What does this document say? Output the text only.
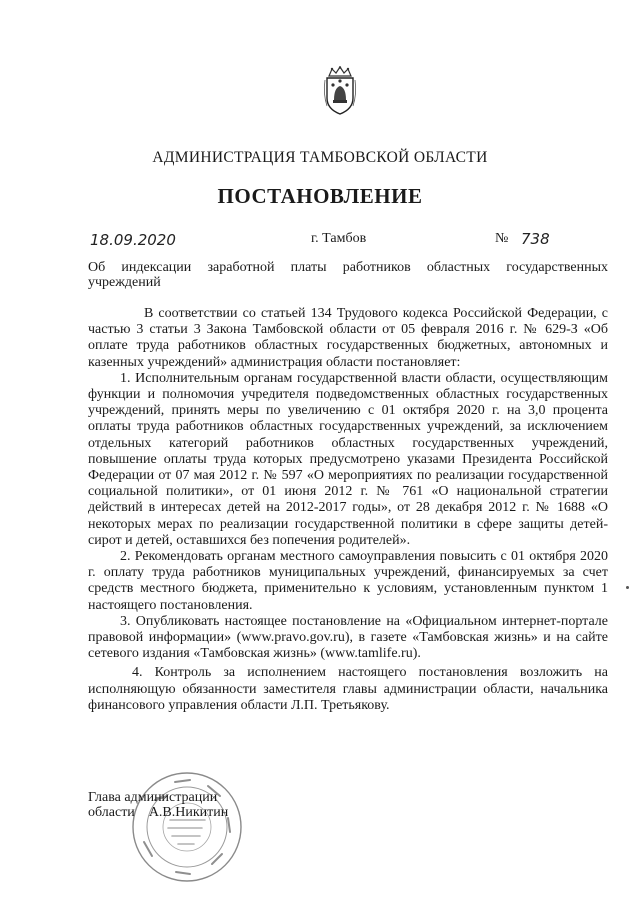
АДМИНИСТРАЦИЯ ТАМБОВСКОЙ ОБЛАСТИ
ПОСТАНОВЛЕНИЕ
18.09.2020	г. Тамбов	№ 738
Об индексации заработной платы работников областных государственных учреждений

В соответствии со статьей 134 Трудового кодекса Российской Федерации, с частью 3 статьи 3 Закона Тамбовской области от 05 февраля 2016 г. № 629-З «Об оплате труда работников областных государственных бюджетных, автономных и казенных учреждений» администрация области постановляет:

1. Исполнительным органам государственной власти области, осуществляющим функции и полномочия учредителя подведомственных областных государственных учреждений, принять меры по увеличению с 01 октября 2020 г. на 3,0 процента оплаты труда работников областных государственных учреждений, за исключением отдельных категорий работников областных государственных учреждений, повышение оплаты труда которых предусмотрено указами Президента Российской Федерации от 07 мая 2012 г. № 597 «О мероприятиях по реализации государственной социальной политики», от 01 июня 2012 г. № 761 «О национальной стратегии действий в интересах детей на 2012-2017 годы», от 28 декабря 2012 г. № 1688 «О некоторых мерах по реализации государственной политики в сфере защиты детей-сирот и детей, оставшихся без попечения родителей».

2. Рекомендовать органам местного самоуправления повысить с 01 октября 2020 г. оплату труда работников муниципальных учреждений, финансируемых за счет средств местного бюджета, применительно к условиям, установленным пунктом 1 настоящего постановления.

3. Опубликовать настоящее постановление на «Официальном интернет-портале правовой информации» (www.pravo.gov.ru), в газете «Тамбовская жизнь» и на сайте сетевого издания «Тамбовская жизнь» (www.tamlife.ru).

4. Контроль за исполнением настоящего постановления возложить на исполняющую обязанности заместителя главы администрации области, начальника финансового управления области Л.П. Третьякову.

Глава администрации
области А.В.Никитин
